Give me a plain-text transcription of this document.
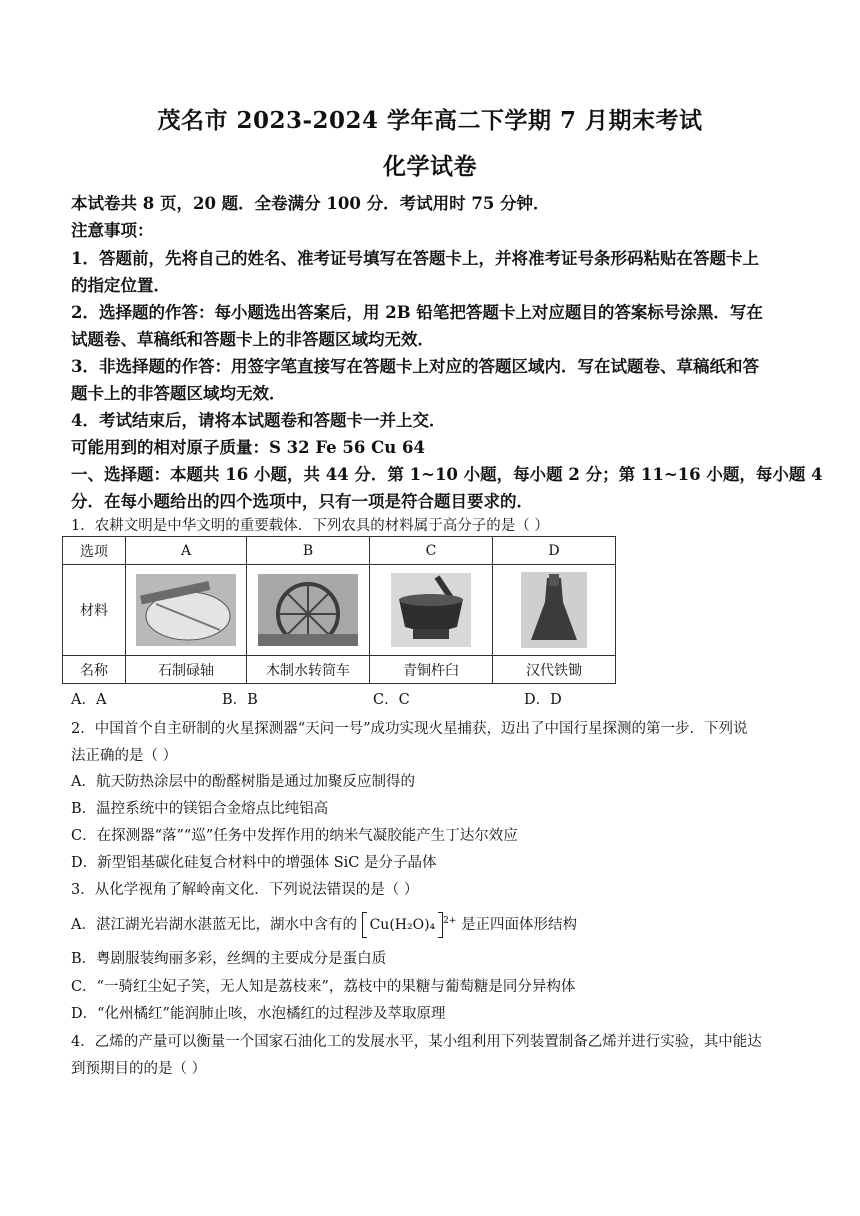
茂名市 2023-2024 学年高二下学期 7 月期末考试
化学试卷
本试卷共 8 页，20 题．全卷满分 100 分．考试用时 75 分钟．
注意事项：
1．答题前，先将自己的姓名、准考证号填写在答题卡上，并将准考证号条形码粘贴在答题卡上
的指定位置．
2．选择题的作答：每小题选出答案后，用 2B 铅笔把答题卡上对应题目的答案标号涂黑．写在
试题卷、草稿纸和答题卡上的非答题区域均无效．
3．非选择题的作答：用签字笔直接写在答题卡上对应的答题区域内．写在试题卷、草稿纸和答
题卡上的非答题区域均无效．
4．考试结束后，请将本试题卷和答题卡一并上交．
可能用到的相对原子质量：S 32 Fe 56 Cu 64
一、选择题：本题共 16 小题，共 44 分．第 1~10 小题，每小题 2 分；第 11~16 小题，每小题 4
分．在每小题给出的四个选项中，只有一项是符合题目要求的．
1．农耕文明是中华文明的重要载体．下列农具的材料属于高分子的是（ ）
选项	A	B	C	D
材料	

名称	石制碌轴	木制水转筒车	青铜杵臼	汉代铁锄
A．A	B．B	C．C	D．D
2．中国首个自主研制的火星探测器“天问一号”成功实现火星捕获，迈出了中国行星探测的第一步．下列说
法正确的是（ ）
A．航天防热涂层中的酚醛树脂是通过加聚反应制得的
B．温控系统中的镁铝合金熔点比纯铝高
C．在探测器“落”“巡”任务中发挥作用的纳米气凝胶能产生丁达尔效应
D．新型铝基碳化硅复合材料中的增强体 SiC 是分子晶体
3．从化学视角了解岭南文化．下列说法错误的是（ ）
A．湛江湖光岩湖水湛蓝无比，湖水中含有的 Cu(H₂O)₄ $^{2+}$ 是正四面体形结构
B．粤剧服装绚丽多彩，丝绸的主要成分是蛋白质
C．“一骑红尘妃子笑，无人知是荔枝来”，荔枝中的果糖与葡萄糖是同分异构体
D．“化州橘红”能润肺止咳，水泡橘红的过程涉及萃取原理
4．乙烯的产量可以衡量一个国家石油化工的发展水平，某小组利用下列装置制备乙烯并进行实验，其中能达
到预期目的的是（ ）
